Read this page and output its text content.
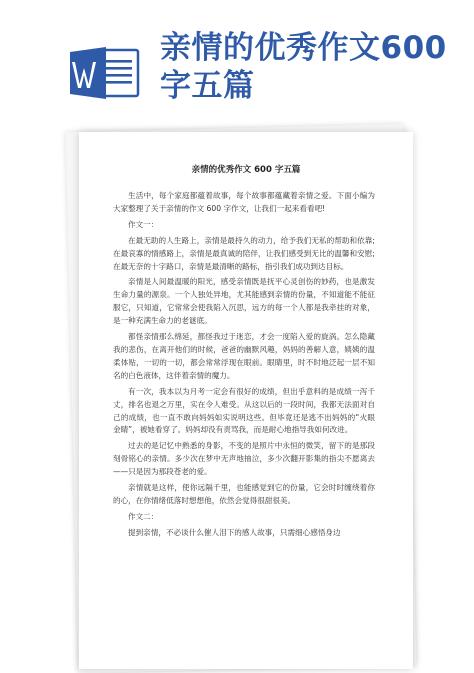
亲情的优秀作文600字五篇
亲情的优秀作文 600 字五篇

生活中，每个家庭都蕴着故事，每个故事都蕴藏着亲情之爱。下面小编为大家整理了关于亲情的作文 600 字作文，让我们一起来看看吧!

作文一：

在最无助的人生路上，亲情是最持久的动力，给予我们无私的帮助和依靠;在最哀寡的情感路上，亲情是最真诚的陪伴，让我们感受到无比的温馨和安慰;在最无奈的十字路口，亲情是最清晰的路标，指引我们成功到达目标。

亲情是人间最温暖的阳光，感受亲情既是抚平心灵创伤的妙药，也是激发生命力量的源泉。一个人独处异地，尤其能感到亲情的份量，不知道能不能征服它，只知道，它常常会使我陷入沉思，远方的每一个人都是我牵挂的对象，是一种充满生命力的老谜底。

都怪亲情那么绵延，都怪我过于迷恋，才会一度陷入爱的旋涡。怎么隐藏我的悲伤，在离开他们的时候，爸爸的幽默风趣，妈妈的善解人意，姨姨的温柔体贴，一切的一切，都会常常浮现在眼前。眼睛里，时不时地泛起一层不知名的白色液体，这伴着亲情的魔力。

有一次，我本以为月考一定会有很好的成绩，但出乎意料的是成绩一泻千丈，排名也退之万里，实在令人难受。从这以后的一段时间，我都无法面对自己的成绩，也一直不敢向妈妈如实说明这些。但毕竟还是逃不出妈妈的“火眼金睛”，被她看穿了。妈妈却没有责骂我，而是耐心地指导我如何改进。

过去的是记忆中熟悉的身影，不变的是照片中永恒的微笑，留下的是那段刻骨铭心的亲情。多少次在梦中无声地抽泣，多少次翻开影集的指尖不愿离去——只是因为那段苍老的爱。

亲情就是这样，使你远隔千里，也能感觉到它的份量，它会时时缠绕着你的心，在你情绪低落时想想他，依然会觉得很甜很美。

作文二：

提到亲情，不必谈什么催人泪下的感人故事，只需细心感悟身边
